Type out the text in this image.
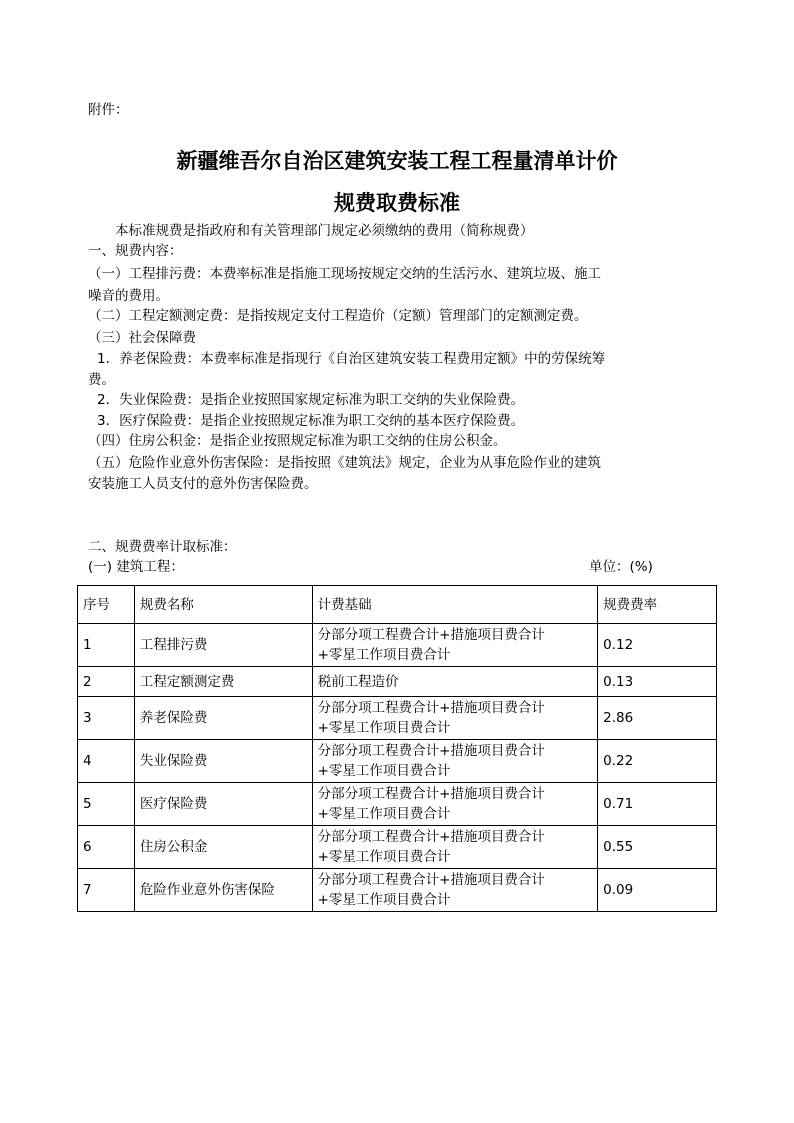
附件：
新疆维吾尔自治区建筑安装工程工程量清单计价
规费取费标准
本标准规费是指政府和有关管理部门规定必须缴纳的费用（简称规费）
一、规费内容：
（一）工程排污费：本费率标准是指施工现场按规定交纳的生活污水、建筑垃圾、施工
噪音的费用。
（二）工程定额测定费：是指按规定支付工程造价（定额）管理部门的定额测定费。
（三）社会保障费
1．养老保险费：本费率标准是指现行《自治区建筑安装工程费用定额》中的劳保统筹
费。
2．失业保险费：是指企业按照国家规定标准为职工交纳的失业保险费。
3．医疗保险费：是指企业按照规定标准为职工交纳的基本医疗保险费。
（四）住房公积金：是指企业按照规定标准为职工交纳的住房公积金。
（五）危险作业意外伤害保险：是指按照《建筑法》规定，企业为从事危险作业的建筑
安装施工人员支付的意外伤害保险费。
二、规费费率计取标准：
(一) 建筑工程：	单位：(%)
序号	规费名称	计费基础	规费费率
1	工程排污费	分部分项工程费合计+措施项目费合计
+零星工作项目费合计	0.12
2	工程定额测定费	税前工程造价	0.13
3	养老保险费	分部分项工程费合计+措施项目费合计
+零星工作项目费合计	2.86
4	失业保险费	分部分项工程费合计+措施项目费合计
+零星工作项目费合计	0.22
5	医疗保险费	分部分项工程费合计+措施项目费合计
+零星工作项目费合计	0.71
6	住房公积金	分部分项工程费合计+措施项目费合计
+零星工作项目费合计	0.55
7	危险作业意外伤害保险	分部分项工程费合计+措施项目费合计
+零星工作项目费合计	0.09
